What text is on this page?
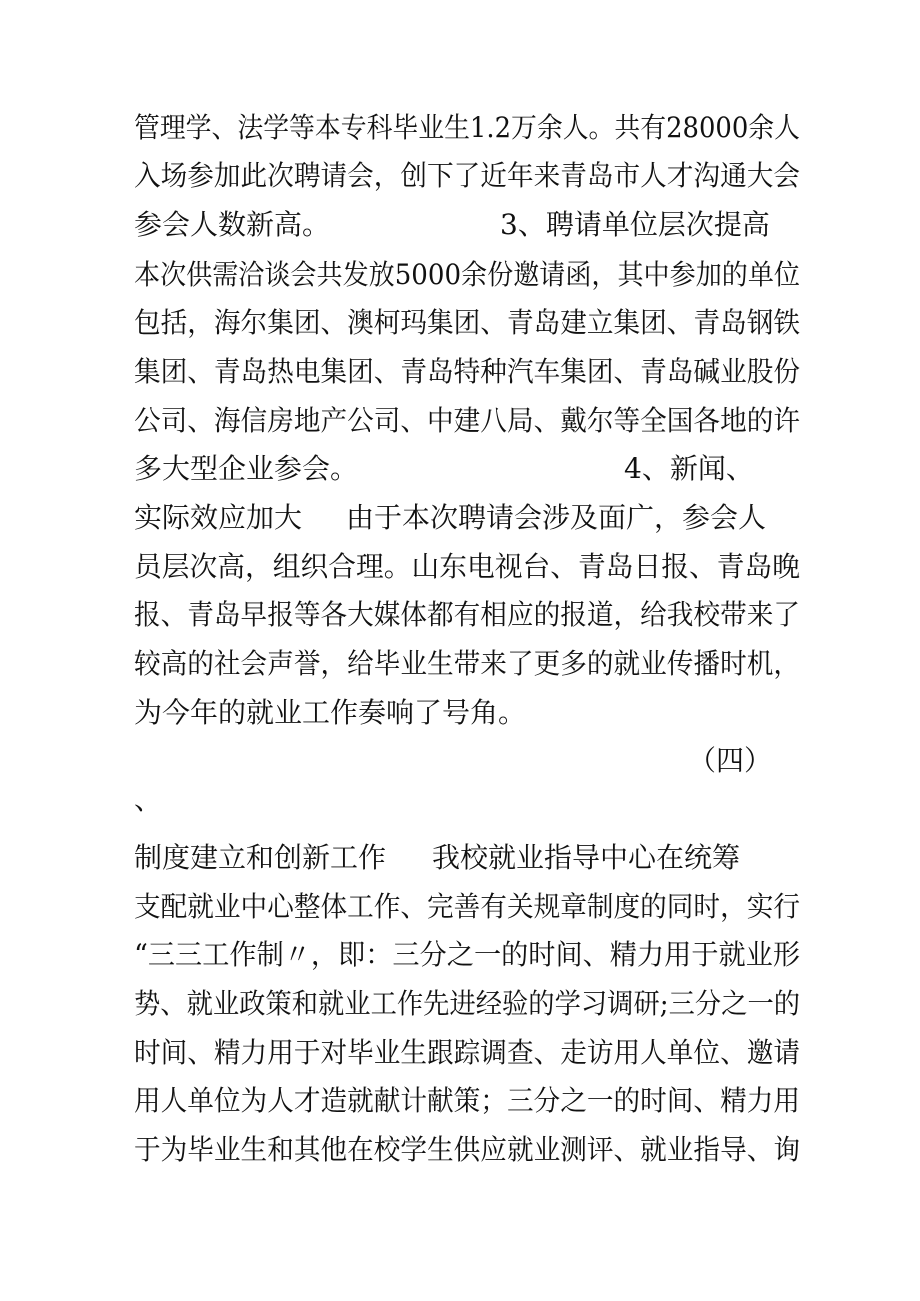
管理学、法学等本专科毕业生1.2万余人。共有28000余人
入场参加此次聘请会，创下了近年来青岛市人才沟通大会
参会人数新高。	3、聘请单位层次提高
本次供需洽谈会共发放5000余份邀请函，其中参加的单位
包括，海尔集团、澳柯玛集团、青岛建立集团、青岛钢铁
集团、青岛热电集团、青岛特种汽车集团、青岛碱业股份
公司、海信房地产公司、中建八局、戴尔等全国各地的许
多大型企业参会。	4、新闻、
实际效应加大 由于本次聘请会涉及面广，参会人
员层次高，组织合理。山东电视台、青岛日报、青岛晚
报、青岛早报等各大媒体都有相应的报道，给我校带来了
较高的社会声誉，给毕业生带来了更多的就业传播时机，
为今年的就业工作奏响了号角。
（四）
、
制度建立和创新工作 我校就业指导中心在统筹
支配就业中心整体工作、完善有关规章制度的同时，实行
“三三工作制〃，即：三分之一的时间、精力用于就业形
势、就业政策和就业工作先进经验的学习调研;三分之一的
时间、精力用于对毕业生跟踪调查、走访用人单位、邀请
用人单位为人才造就献计献策；三分之一的时间、精力用
于为毕业生和其他在校学生供应就业测评、就业指导、询
